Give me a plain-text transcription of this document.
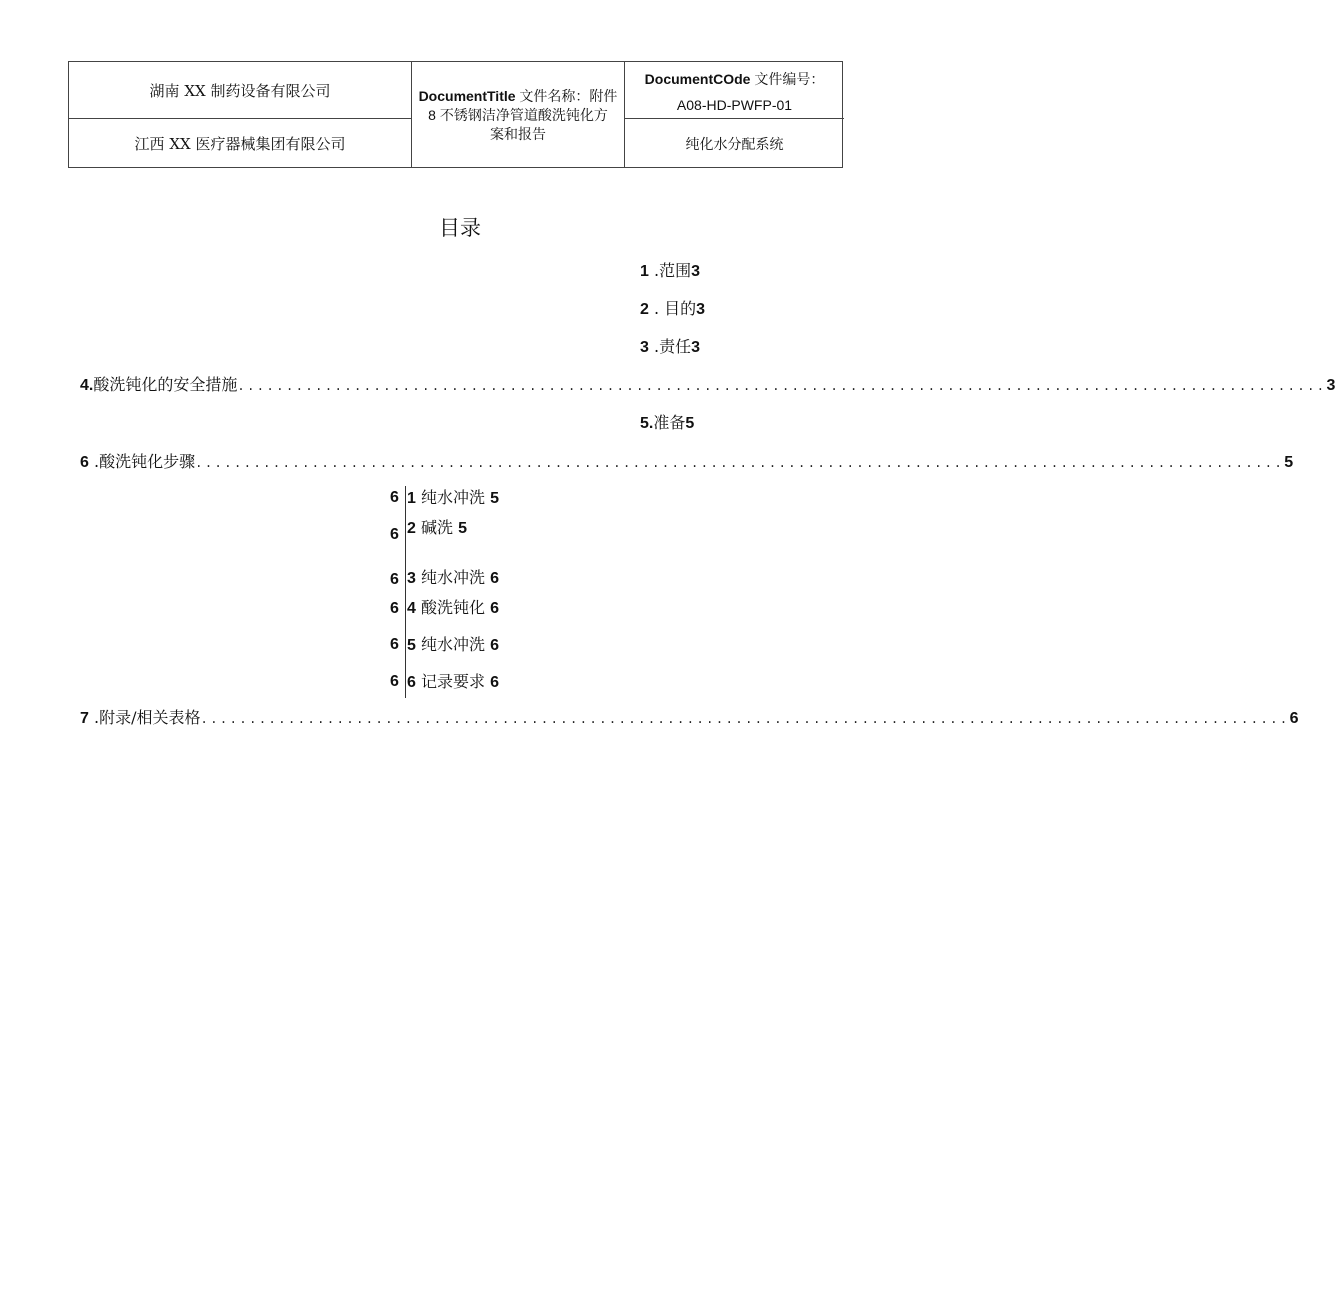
湖南 XX 制药设备有限公司
江西 XX 医疗器械集团有限公司
DocumentTitle 文件名称：附件
8 不锈钢洁净管道酸洗钝化方
案和报告
DocumentCOde 文件编号：
A08-HD-PWFP-01
纯化水分配系统
目录
1 .范围3
2 . 目的3
3 .责任3
4.酸洗钝化的安全措施 ................................................................................................................ 3
5.准备5
6 .酸洗钝化步骤 ................................................................................................................ 5
6 1 纯水冲洗 5
6 2 碱洗 5
6 3 纯水冲洗 6
6 4 酸洗钝化 6
6 5 纯水冲洗 6
6 6 记录要求 6
7 .附录/相关表格 ................................................................................................................ 6
